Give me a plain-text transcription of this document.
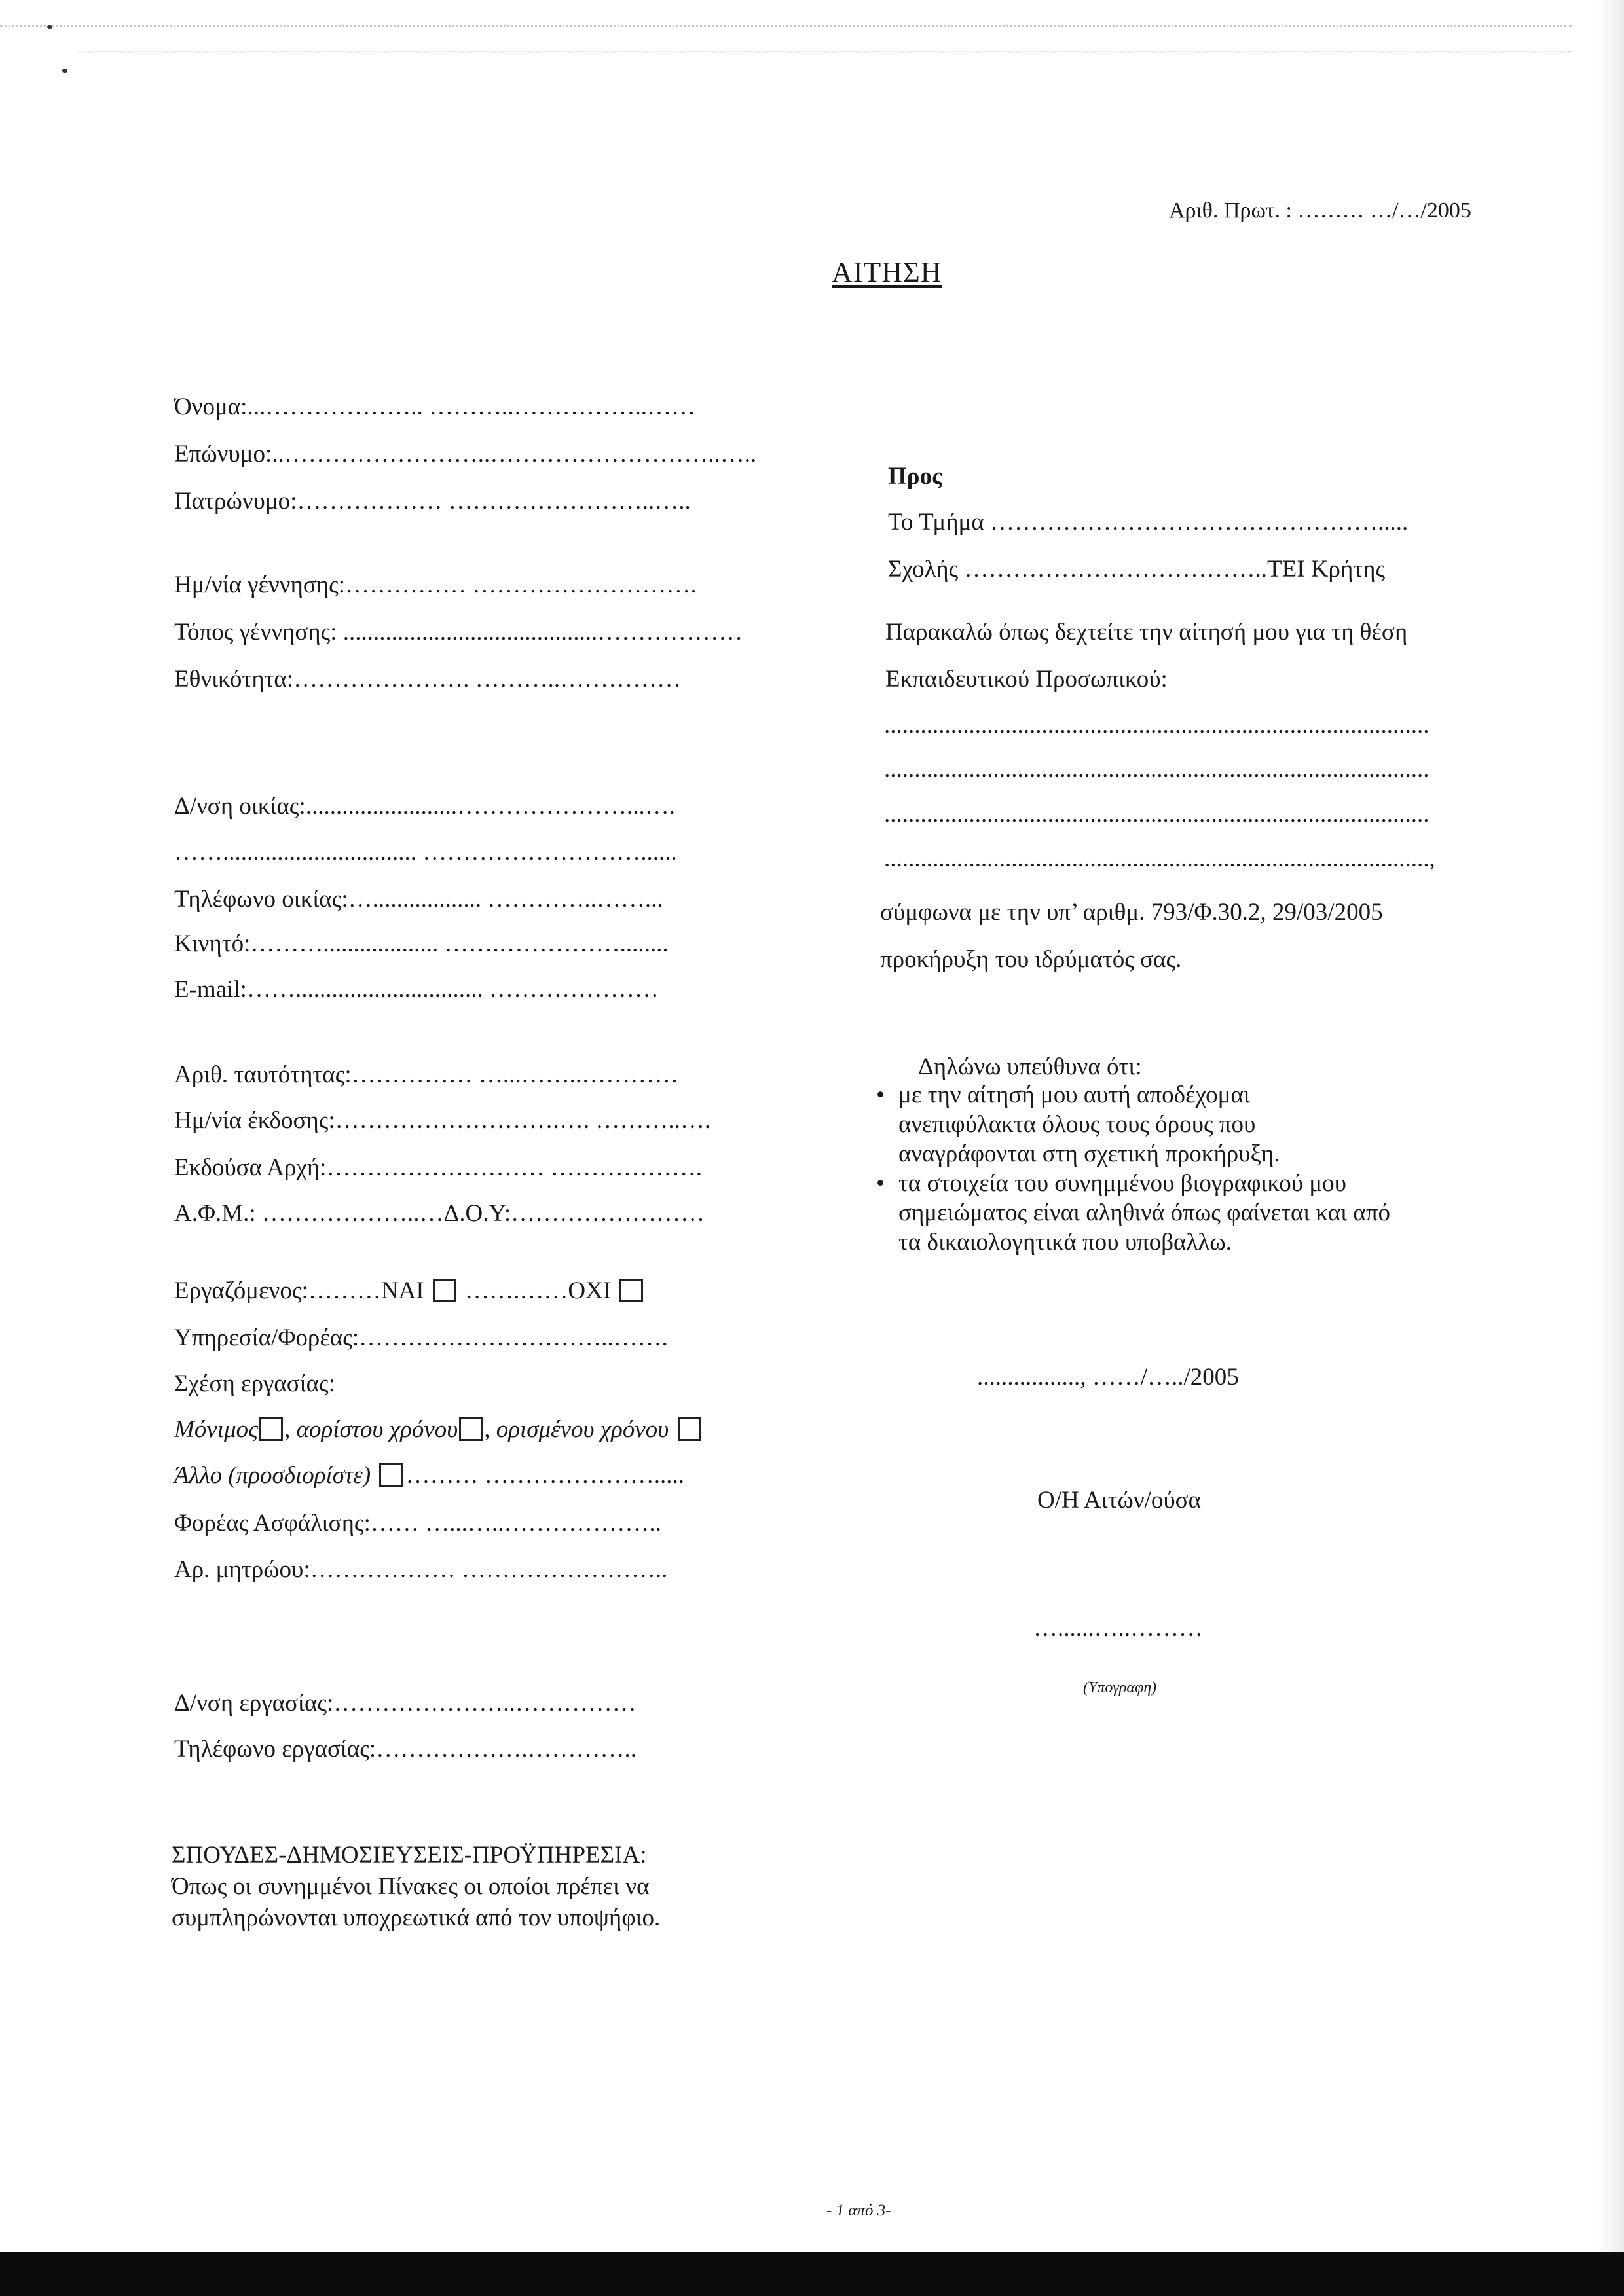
Αριθ. Πρωτ. : ……… …/…/2005
ΑΙΤΗΣΗ
Όνομα:...……………….. ………..……………..……
Επώνυμο:..……………………..………………………..…..
Πατρώνυμο:……………… ……………………..…..
Ημ/νία γέννησης:…………… ……………………….
Τόπος γέννησης: ..........................................………………
Εθνικότητα:…………………. ………..……………
Δ/νση οικίας:.........................…………………...….
……................................ ………………………......
Τηλέφωνο οικίας:….................. …………..……...
Κινητό:………................... …….……………........
E-mail:……............................... …………………
Αριθ. ταυτότητας:…………… …...……..…………
Ημ/νία έκδοσης:……………………….…. ………..….
Εκδούσα Αρχή:……………………… ……………….
Α.Φ.Μ.: ………………..…Δ.Ο.Υ:……………………
Εργαζόμενος:………ΝΑΙ …….……ΟΧΙ
Υπηρεσία/Φορέας:…………………………..…….
Σχέση εργασίας:
Μόνιμος , αορίστου χρόνου , ορισμένου χρόνου
Άλλο (προσδιορίστε) ……… ………………….....
Φορέας Ασφάλισης:…… …...…..………………..
Αρ. μητρώου:……………… ……………………..
Δ/νση εργασίας:…………………..……………
Τηλέφωνο εργασίας:……………….…………..
ΣΠΟΥΔΕΣ-ΔΗΜΟΣΙΕΥΣΕΙΣ-ΠΡΟΫΠΗΡΕΣΙΑ:
Όπως οι συνημμένοι Πίνακες οι οποίοι πρέπει να
συμπληρώνονται υποχρεωτικά από τον υποψήφιο.
Προς
Το Τμήμα ………………………………………….....
Σχολής ………………………………..ΤΕΙ Κρήτης
Παρακαλώ όπως δεχτείτε την αίτησή μου για τη θέση
Εκπαιδευτικού Προσωπικού:
..........................................................................................
..........................................................................................
..........................................................................................
..........................................................................................,
σύμφωνα με την υπ’ αριθμ. 793/Φ.30.2, 29/03/2005
προκήρυξη του ιδρύματός σας.
Δηλώνω υπεύθυνα ότι:
• με την αίτησή μου αυτή αποδέχομαι
ανεπιφύλακτα όλους τους όρους που
αναγράφονται στη σχετική προκήρυξη.
• τα στοιχεία του συνημμένου βιογραφικού μου
σημειώματος είναι αληθινά όπως φαίνεται και από
τα δικαιολογητικά που υποβαλλω.
................., ……/…../2005
Ο/Η Αιτών/ούσα
…......…..………
(Υπογραφη)
- 1 από 3-
